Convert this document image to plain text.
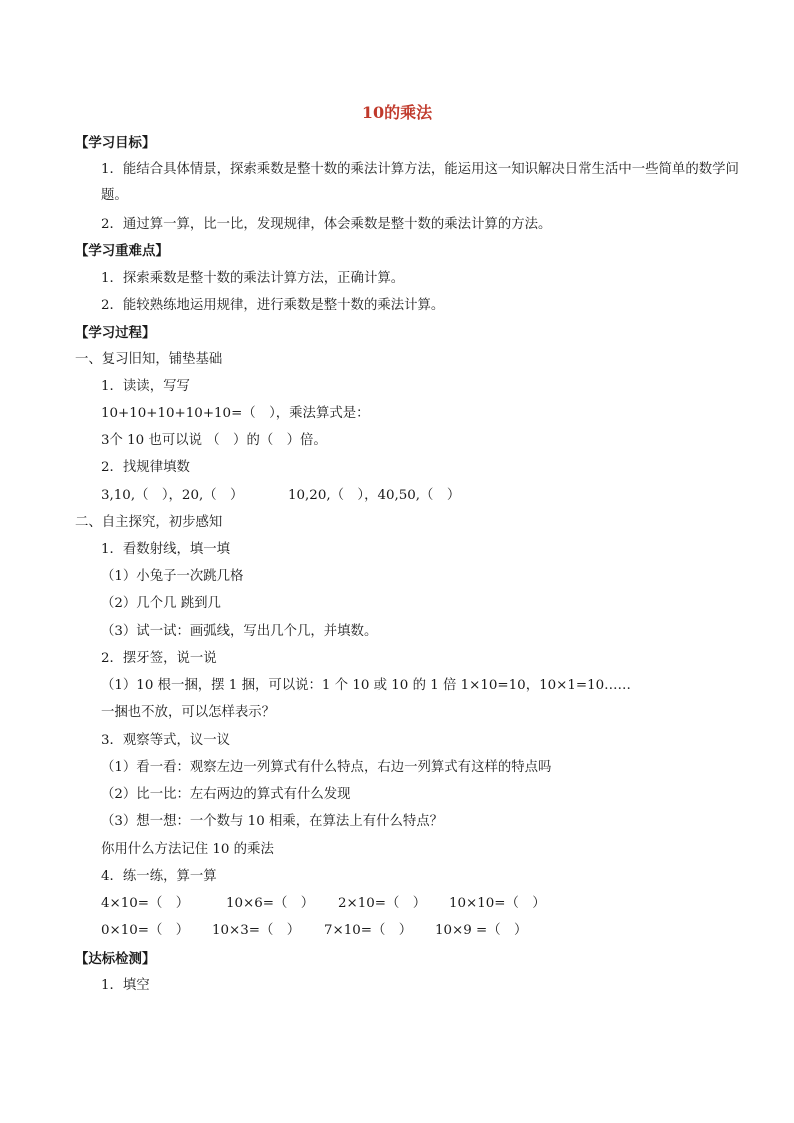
10的乘法
【学习目标】
1．能结合具体情景，探索乘数是整十数的乘法计算方法，能运用这一知识解决日常生活中一些简单的数学问题。
2．通过算一算，比一比，发现规律，体会乘数是整十数的乘法计算的方法。
【学习重难点】
1．探索乘数是整十数的乘法计算方法，正确计算。
2．能较熟练地运用规律，进行乘数是整十数的乘法计算。
【学习过程】
一、复习旧知，铺垫基础
1．读读，写写
10+10+10+10+10=（　），乘法算式是：
3个 10 也可以说 （　）的（　）倍。
2．找规律填数
3,10,（　），20,（　）	10,20,（　），40,50,（　）
二、自主探究，初步感知
1．看数射线，填一填
（1）小兔子一次跳几格
（2）几个几 跳到几
（3）试一试：画弧线，写出几个几，并填数。
2．摆牙签，说一说
（1）10 根一捆，摆 1 捆，可以说：1 个 10 或 10 的 1 倍 1×10=10，10×1=10……
一捆也不放，可以怎样表示？
3．观察等式，议一议
（1）看一看：观察左边一列算式有什么特点，右边一列算式有这样的特点吗
（2）比一比：左右两边的算式有什么发现
（3）想一想：一个数与 10 相乘，在算法上有什么特点？
你用什么方法记住 10 的乘法
4．练一练，算一算
4×10=（　）	10×6=（　） 2×10=（　） 10×10=（　）
0×10=（　） 10×3=（　） 7×10=（　） 10×9 =（　）
【达标检测】
1．填空
